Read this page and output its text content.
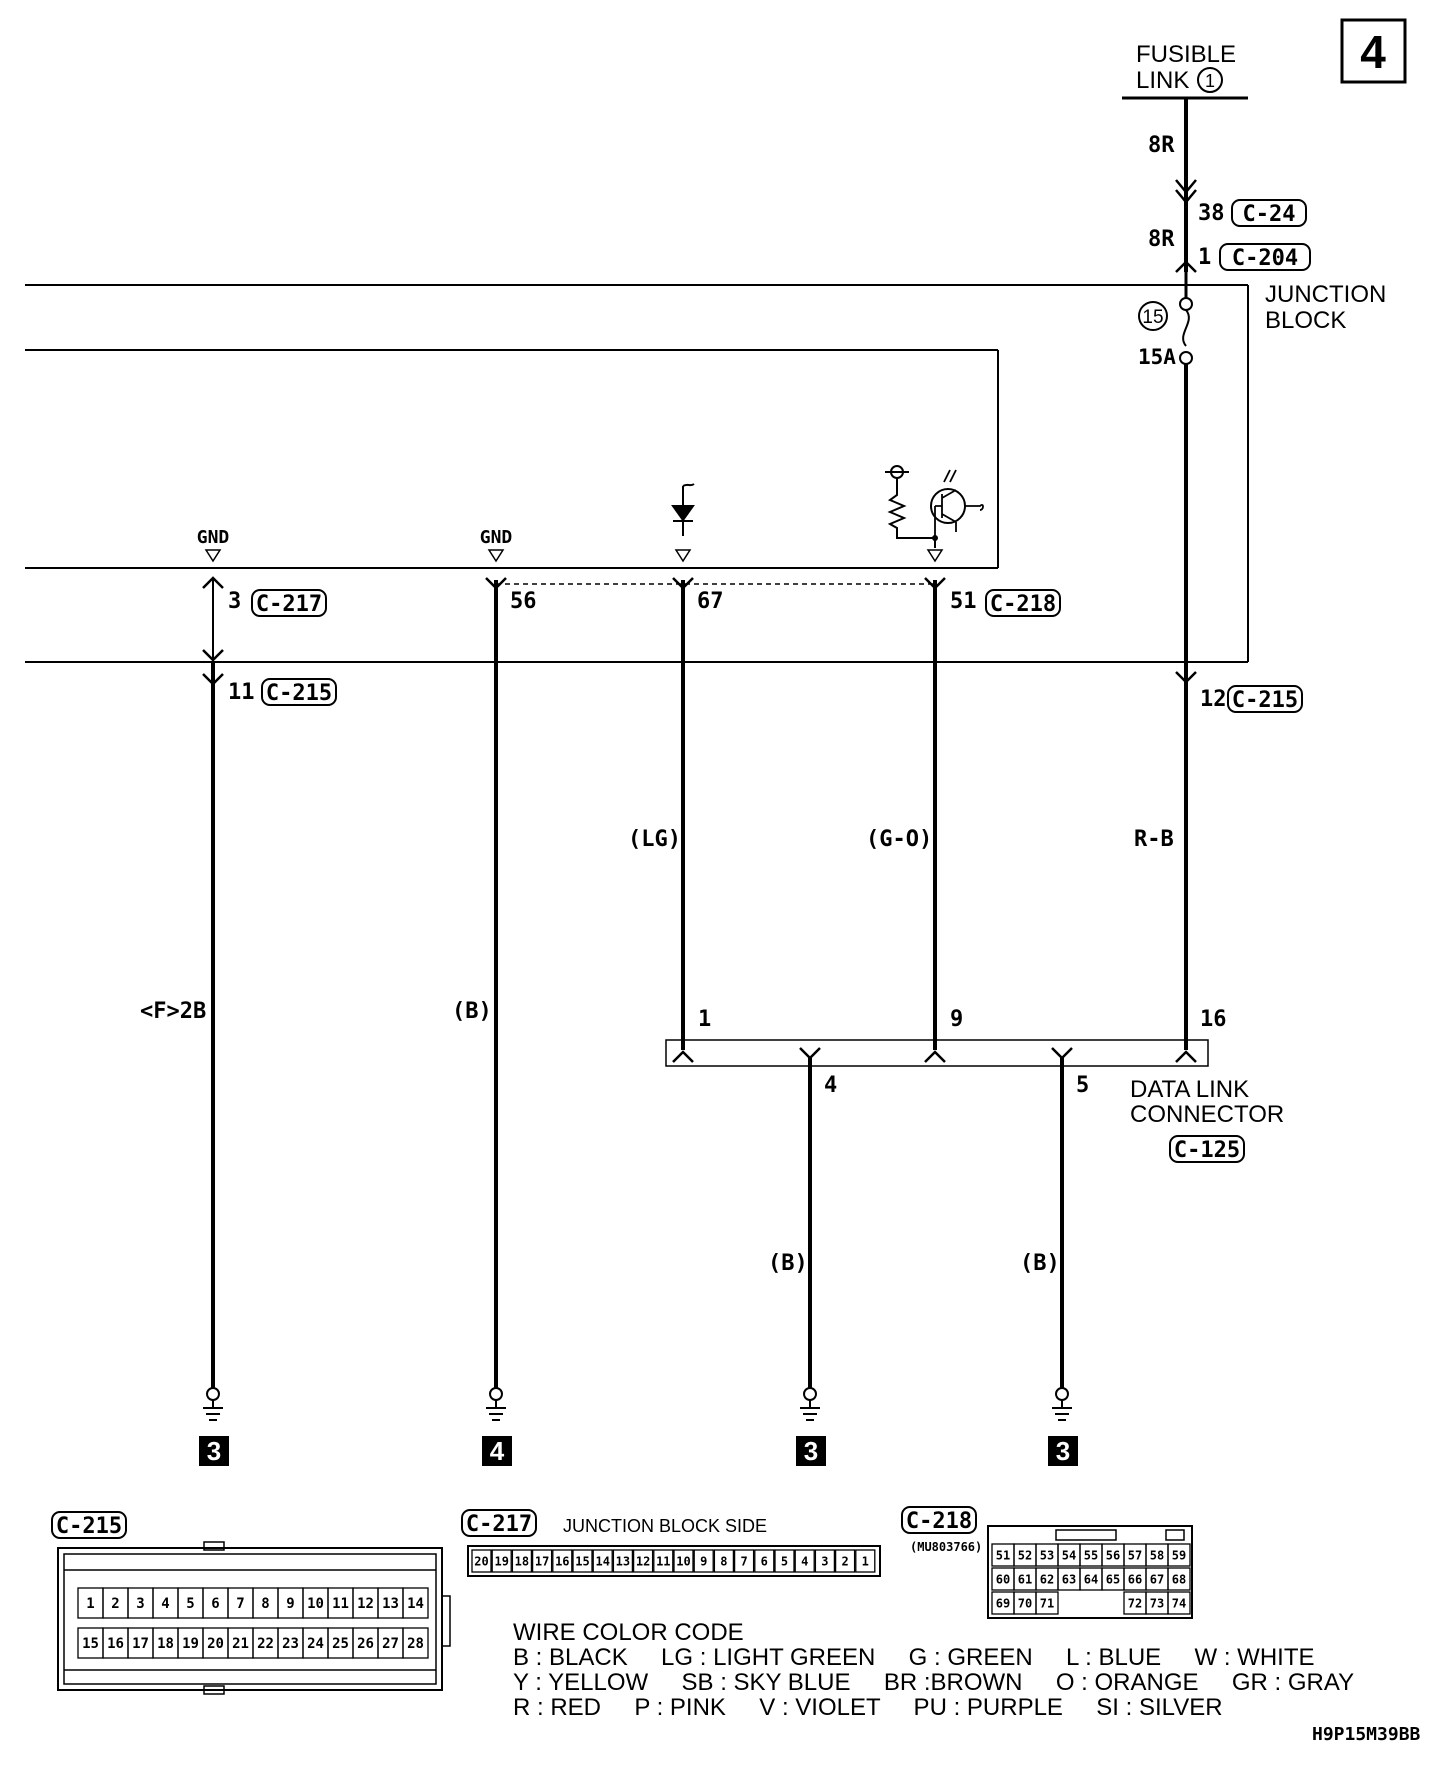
4
FUSIBLE
LINK 1
8R
38 C-24
8R
1 C-204
JUNCTION
BLOCK
15
15A
GND	GND
3 C-217
11 C-215
<F>2B
56
(B)
67
(LG)
51 C-218
(G-O)
12 C-215
R-B
1	9	16
4	5 DATA LINK
CONNECTOR
C-125
(B)	(B)
3	4	3	3
C-215
1 2 3 4 5 6 7 8 9 10 11 12 13 14
15 16 17 18 19 20 21 22 23 24 25 26 27 28
C-217 JUNCTION BLOCK SIDE
20 19 18 17 16 15 14 13 12 11 10 9 8 7 6 5 4 3 2 1
C-218
(MU803766)
51 52 53 54 55 56 57 58 59
60 61 62 63 64 65 66 67 68
69 70 71	72 73 74
WIRE COLOR CODE
B : BLACK     LG : LIGHT GREEN     G : GREEN     L : BLUE     W : WHITE
Y : YELLOW     SB : SKY BLUE     BR :BROWN     O : ORANGE     GR : GRAY
R : RED     P : PINK     V : VIOLET     PU : PURPLE     SI : SILVER
H9P15M39BB
